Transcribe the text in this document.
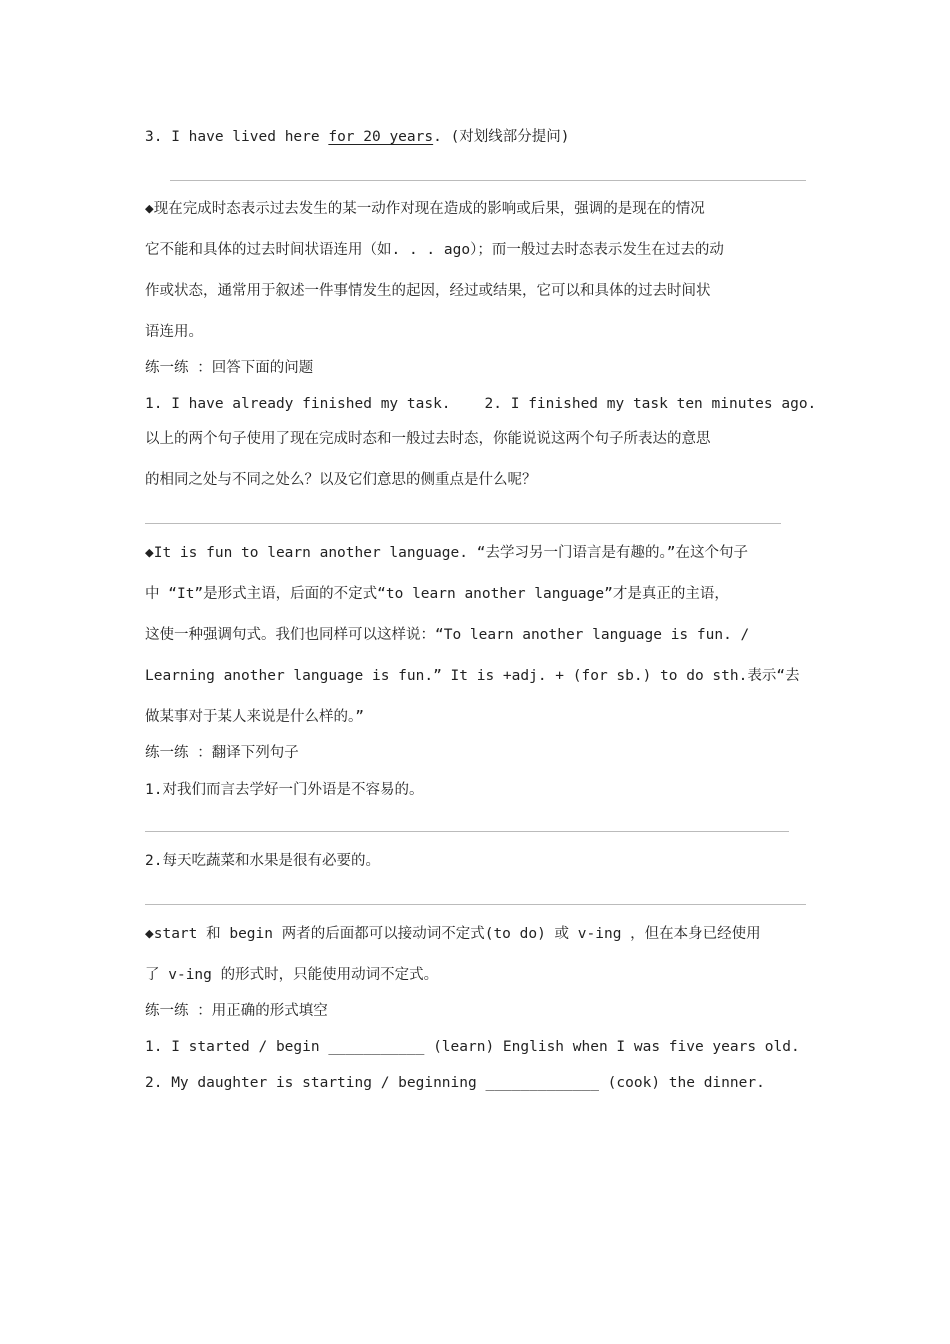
3. I have lived here for 20 years. (对划线部分提问)
◆现在完成时态表示过去发生的某一动作对现在造成的影响或后果，强调的是现在的情况
它不能和具体的过去时间状语连用（如. . . ago）；而一般过去时态表示发生在过去的动
作或状态，通常用于叙述一件事情发生的起因，经过或结果，它可以和具体的过去时间状
语连用。
练一练 ：回答下面的问题
1. I have already finished my task. 2. I finished my task ten minutes ago.
以上的两个句子使用了现在完成时态和一般过去时态，你能说说这两个句子所表达的意思
的相同之处与不同之处么？以及它们意思的侧重点是什么呢？
◆It is fun to learn another language. “去学习另一门语言是有趣的。”在这个句子
中 “It”是形式主语，后面的不定式“to learn another language”才是真正的主语，
这使一种强调句式。我们也同样可以这样说：“To learn another language is fun. /
Learning another language is fun.” It is +adj. + (for sb.) to do sth.表示“去
做某事对于某人来说是什么样的。”
练一练 ：翻译下列句子
1.对我们而言去学好一门外语是不容易的。
2.每天吃蔬菜和水果是很有必要的。
◆start 和 begin 两者的后面都可以接动词不定式(to do) 或 v-ing ，但在本身已经使用
了 v-ing 的形式时，只能使用动词不定式。
练一练 ：用正确的形式填空
1. I started / begin ___________ (learn) English when I was five years old.
2. My daughter is starting / beginning _____________ (cook) the dinner.
